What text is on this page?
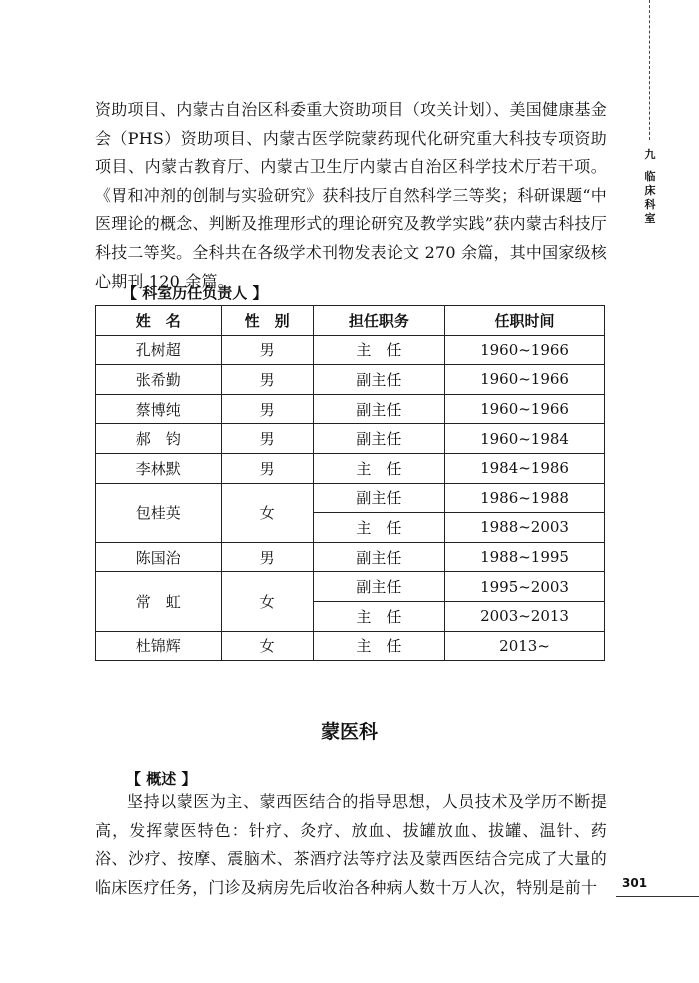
九
临床科室

资助项目、内蒙古自治区科委重大资助项目（攻关计划）、美国健康基金会（PHS）资助项目、内蒙古医学院蒙药现代化研究重大科技专项资助项目、内蒙古教育厅、内蒙古卫生厅内蒙古自治区科学技术厅若干项。《胃和冲剂的创制与实验研究》获科技厅自然科学三等奖；科研课题“中医理论的概念、判断及推理形式的理论研究及教学实践”获内蒙古科技厅科技二等奖。全科共在各级学术刊物发表论文 270 余篇，其中国家级核心期刊 120 余篇。

【 科室历任负责人 】

姓　名	性　别	担任职务	任职时间
孔树超	男	主　任	1960~1966
张希勤	男	副主任	1960~1966
蔡博纯	男	副主任	1960~1966
郝　钧	男	副主任	1960~1984
李林默	男	主　任	1984~1986
包桂英	女	副主任	1986~1988
		主　任	1988~2003
陈国治	男	副主任	1988~1995
常　虹	女	副主任	1995~2003
		主　任	2003~2013
杜锦辉	女	主　任	2013~
蒙医科

【 概述 】

坚持以蒙医为主、蒙西医结合的指导思想，人员技术及学历不断提高，发挥蒙医特色：针疗、灸疗、放血、拔罐放血、拔罐、温针、药浴、沙疗、按摩、震脑术、茶酒疗法等疗法及蒙西医结合完成了大量的临床医疗任务，门诊及病房先后收治各种病人数十万人次，特别是前十	301
